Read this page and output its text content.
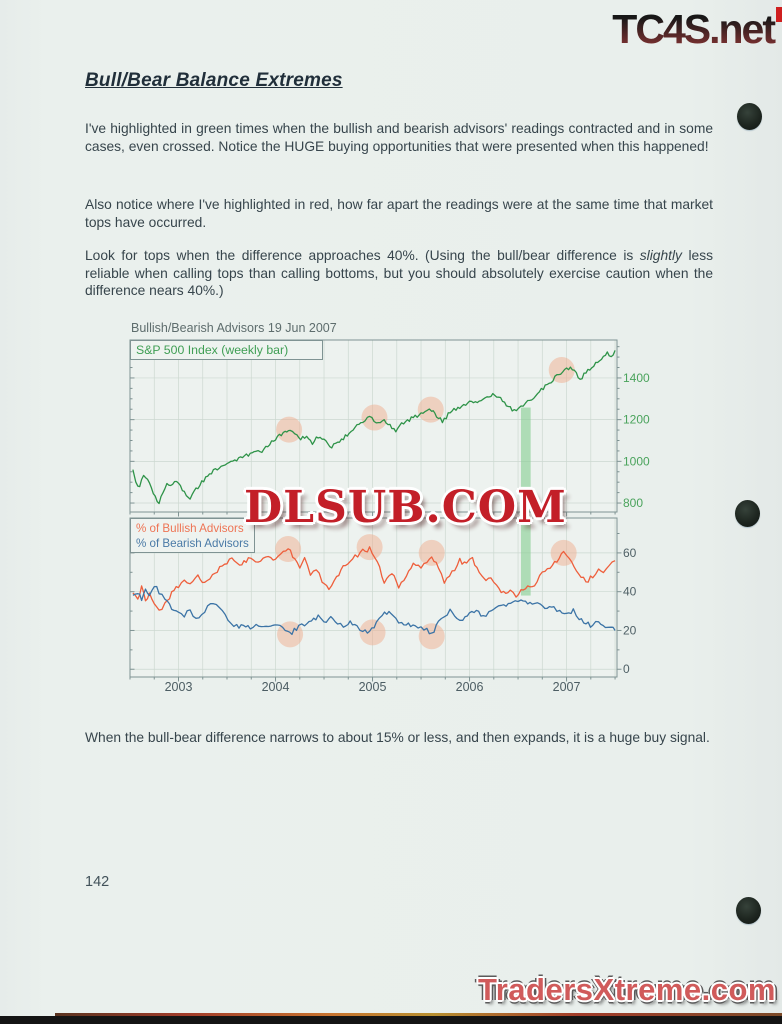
TC4S.net
Bull/Bear Balance Extremes
I've highlighted in green times when the bullish and bearish advisors' readings contracted and in some cases, even crossed. Notice the HUGE buying opportunities that were presented when this happened!
Also notice where I've highlighted in red, how far apart the readings were at the same time that market tops have occurred.
Look for tops when the difference approaches 40%. (Using the bull/bear difference is slightly less reliable when calling tops than calling bottoms, but you should absolutely exercise caution when the difference nears 40%.)
800
1000
1200
1400
S&P 500 Index (weekly bar)
0
20
40
60
% of Bullish Advisors
% of Bearish Advisors
2003	2004	2005	2006	2007
Bullish/Bearish Advisors 19 Jun 2007
DLSUB.COM
When the bull-bear difference narrows to about 15% or less, and then expands, it is a huge buy signal.
142
TradersXtreme.com
